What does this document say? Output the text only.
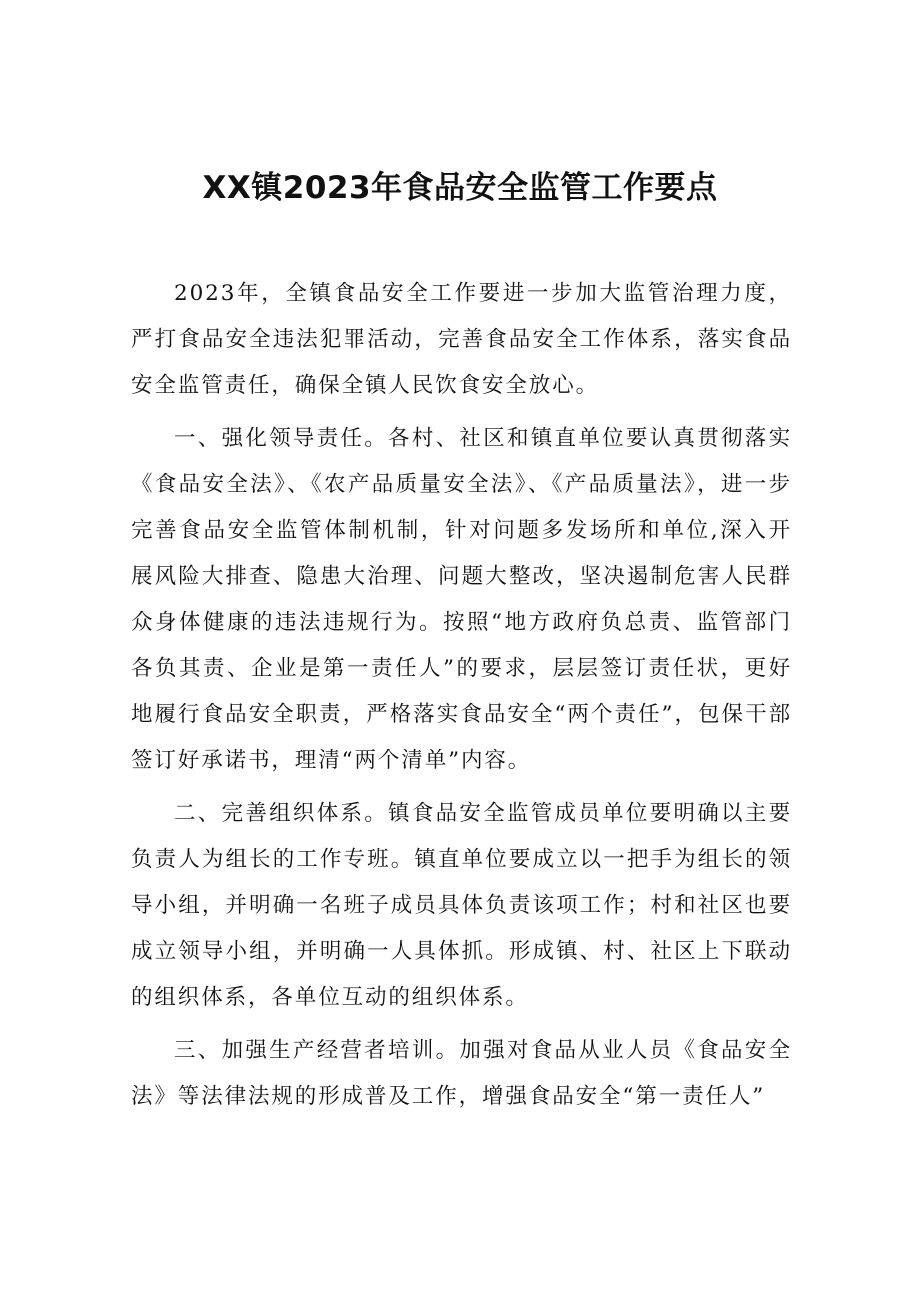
XX镇2023年食品安全监管工作要点

2023年，全镇食品安全工作要进一步加大监管治理力度，严打食品安全违法犯罪活动，完善食品安全工作体系，落实食品安全监管责任，确保全镇人民饮食安全放心。

一、强化领导责任。各村、社区和镇直单位要认真贯彻落实《食品安全法》、《农产品质量安全法》、《产品质量法》，进一步完善食品安全监管体制机制，针对问题多发场所和单位,深入开展风险大排查、隐患大治理、问题大整改，坚决遏制危害人民群众身体健康的违法违规行为。按照“地方政府负总责、监管部门各负其责、企业是第一责任人”的要求，层层签订责任状，更好地履行食品安全职责，严格落实食品安全“两个责任”，包保干部签订好承诺书，理清“两个清单”内容。

二、完善组织体系。镇食品安全监管成员单位要明确以主要负责人为组长的工作专班。镇直单位要成立以一把手为组长的领导小组，并明确一名班子成员具体负责该项工作；村和社区也要成立领导小组，并明确一人具体抓。形成镇、村、社区上下联动的组织体系，各单位互动的组织体系。

三、加强生产经营者培训。加强对食品从业人员《食品安全法》等法律法规的形成普及工作，增强食品安全“第一责任人”
